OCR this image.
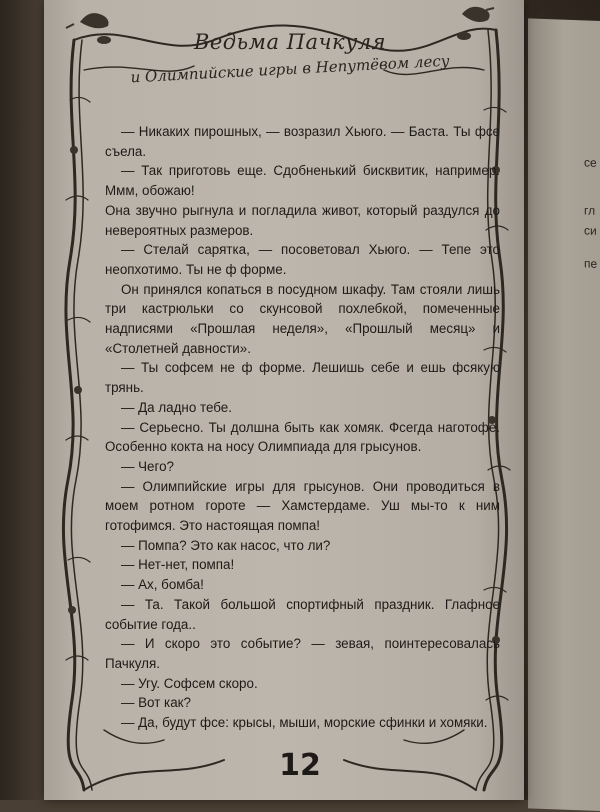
се
гл
си
пе
Ведьма Пачкуля
и Олимпийские игры в Непутёвом лесу

— Никаких пирошных, — возразил Хьюго. — Баста. Ты фсе съела.

— Так приготовь еще. Сдобненький бисквитик, например. Ммм, обожаю!

Она звучно рыгнула и погладила живот, который раздулся до невероятных размеров.

— Стелай сарятка, — посоветовал Хьюго. — Тепе это неопхотимо. Ты не ф форме.

Он принялся копаться в посудном шкафу. Там стояли лишь три кастрюльки со скунсовой похлебкой, помеченные надписями «Прошлая неделя», «Прошлый месяц» и «Столетней давности».

— Ты софсем не ф форме. Лешишь себе и ешь фсякую трянь.

— Да ладно тебе.

— Серьесно. Ты долшна быть как хомяк. Фсегда наготофе. Особенно кокта на носу Олимпиада для грысунов.

— Чего?

— Олимпийские игры для грысунов. Они проводиться в моем ротном гороте — Хамстердаме. Уш мы-то к ним готофимся. Это настоящая помпа!

— Помпа? Это как насос, что ли?

— Нет-нет, помпа!

— Ах, бомба!

— Та. Такой большой спортифный праздник. Глафное событие года..

— И скоро это событие? — зевая, поинтересовалась Пачкуля.

— Угу. Софсем скоро.

— Вот как?

— Да, будут фсе: крысы, мыши, морские сфинки и хомяки.

12
